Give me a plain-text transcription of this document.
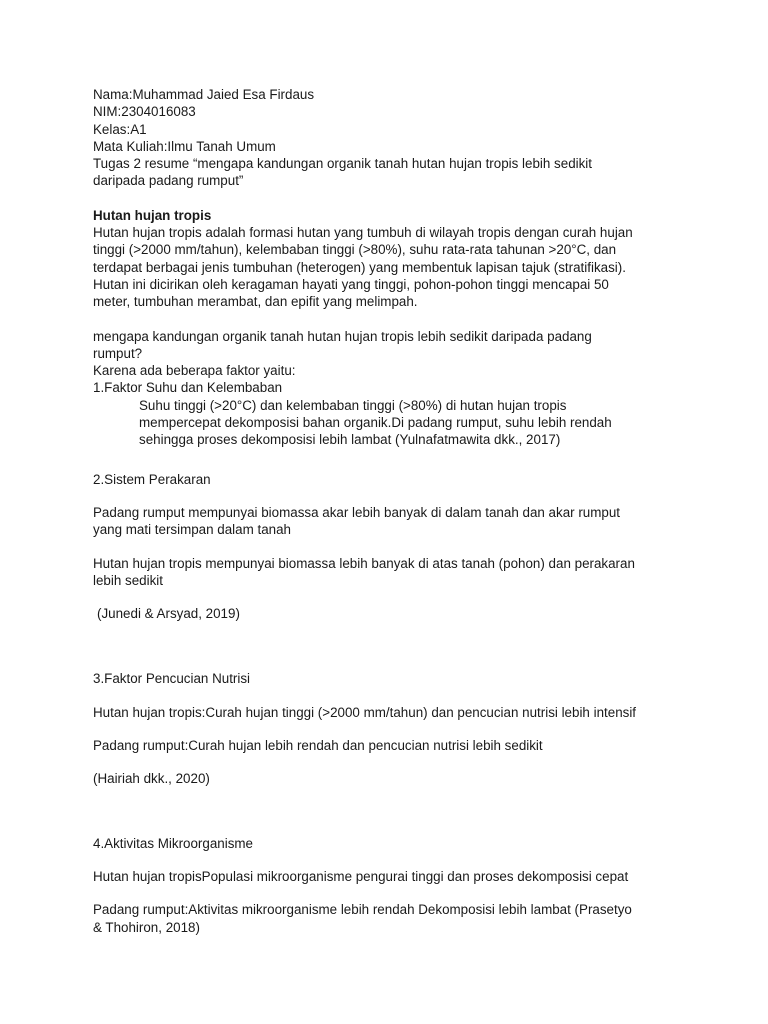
Nama:Muhammad Jaied Esa Firdaus
NIM:2304016083
Kelas:A1
Mata Kuliah:Ilmu Tanah Umum
Tugas 2 resume “mengapa kandungan organik tanah hutan hujan tropis lebih sedikit
daripada padang rumput”
Hutan hujan tropis
Hutan hujan tropis adalah formasi hutan yang tumbuh di wilayah tropis dengan curah hujan
tinggi (>2000 mm/tahun), kelembaban tinggi (>80%), suhu rata-rata tahunan >20°C, dan
terdapat berbagai jenis tumbuhan (heterogen) yang membentuk lapisan tajuk (stratifikasi).
Hutan ini dicirikan oleh keragaman hayati yang tinggi, pohon-pohon tinggi mencapai 50
meter, tumbuhan merambat, dan epifit yang melimpah.
mengapa kandungan organik tanah hutan hujan tropis lebih sedikit daripada padang
rumput?
Karena ada beberapa faktor yaitu:
1.Faktor Suhu dan Kelembaban
Suhu tinggi (>20°C) dan kelembaban tinggi (>80%) di hutan hujan tropis
mempercepat dekomposisi bahan organik.Di padang rumput, suhu lebih rendah
sehingga proses dekomposisi lebih lambat (Yulnafatmawita dkk., 2017)
2.Sistem Perakaran
Padang rumput mempunyai biomassa akar lebih banyak di dalam tanah dan akar rumput
yang mati tersimpan dalam tanah
Hutan hujan tropis mempunyai biomassa lebih banyak di atas tanah (pohon) dan perakaran
lebih sedikit
(Junedi & Arsyad, 2019)
3.Faktor Pencucian Nutrisi
Hutan hujan tropis:Curah hujan tinggi (>2000 mm/tahun) dan pencucian nutrisi lebih intensif
Padang rumput:Curah hujan lebih rendah dan pencucian nutrisi lebih sedikit
(Hairiah dkk., 2020)
4.Aktivitas Mikroorganisme
Hutan hujan tropisPopulasi mikroorganisme pengurai tinggi dan proses dekomposisi cepat
Padang rumput:Aktivitas mikroorganisme lebih rendah Dekomposisi lebih lambat (Prasetyo
& Thohiron, 2018)
